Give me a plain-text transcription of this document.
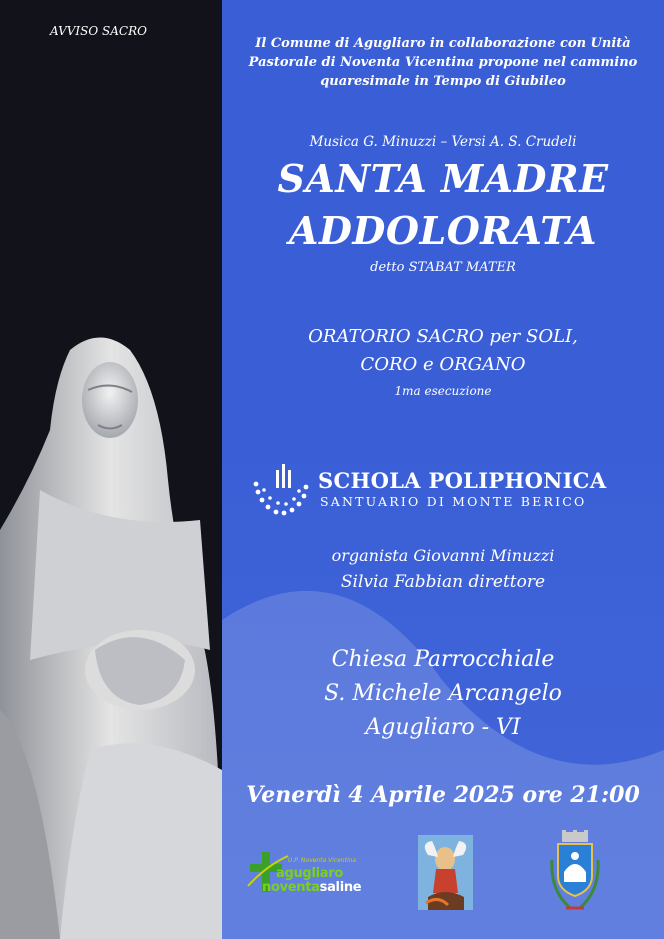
AVVISO SACRO
Il Comune di Agugliaro in collaborazione con Unità Pastorale di Noventa Vicentina propone nel cammino quaresimale in Tempo di Giubileo
Musica G. Minuzzi – Versi A. S. Crudeli
SANTA MADRE
ADDOLORATA
detto STABAT MATER
ORATORIO SACRO per SOLI,
CORO e ORGANO
1ma esecuzione
SCHOLA POLIPHONICA
SANTUARIO DI MONTE BERICO
organista Giovanni Minuzzi
Silvia Fabbian direttore
Chiesa Parrocchiale
S. Michele Arcangelo
Agugliaro - VI
Venerdì 4 Aprile 2025 ore 21:00
U.P. Noventa Vicentina
agugliaro
noventasaline
